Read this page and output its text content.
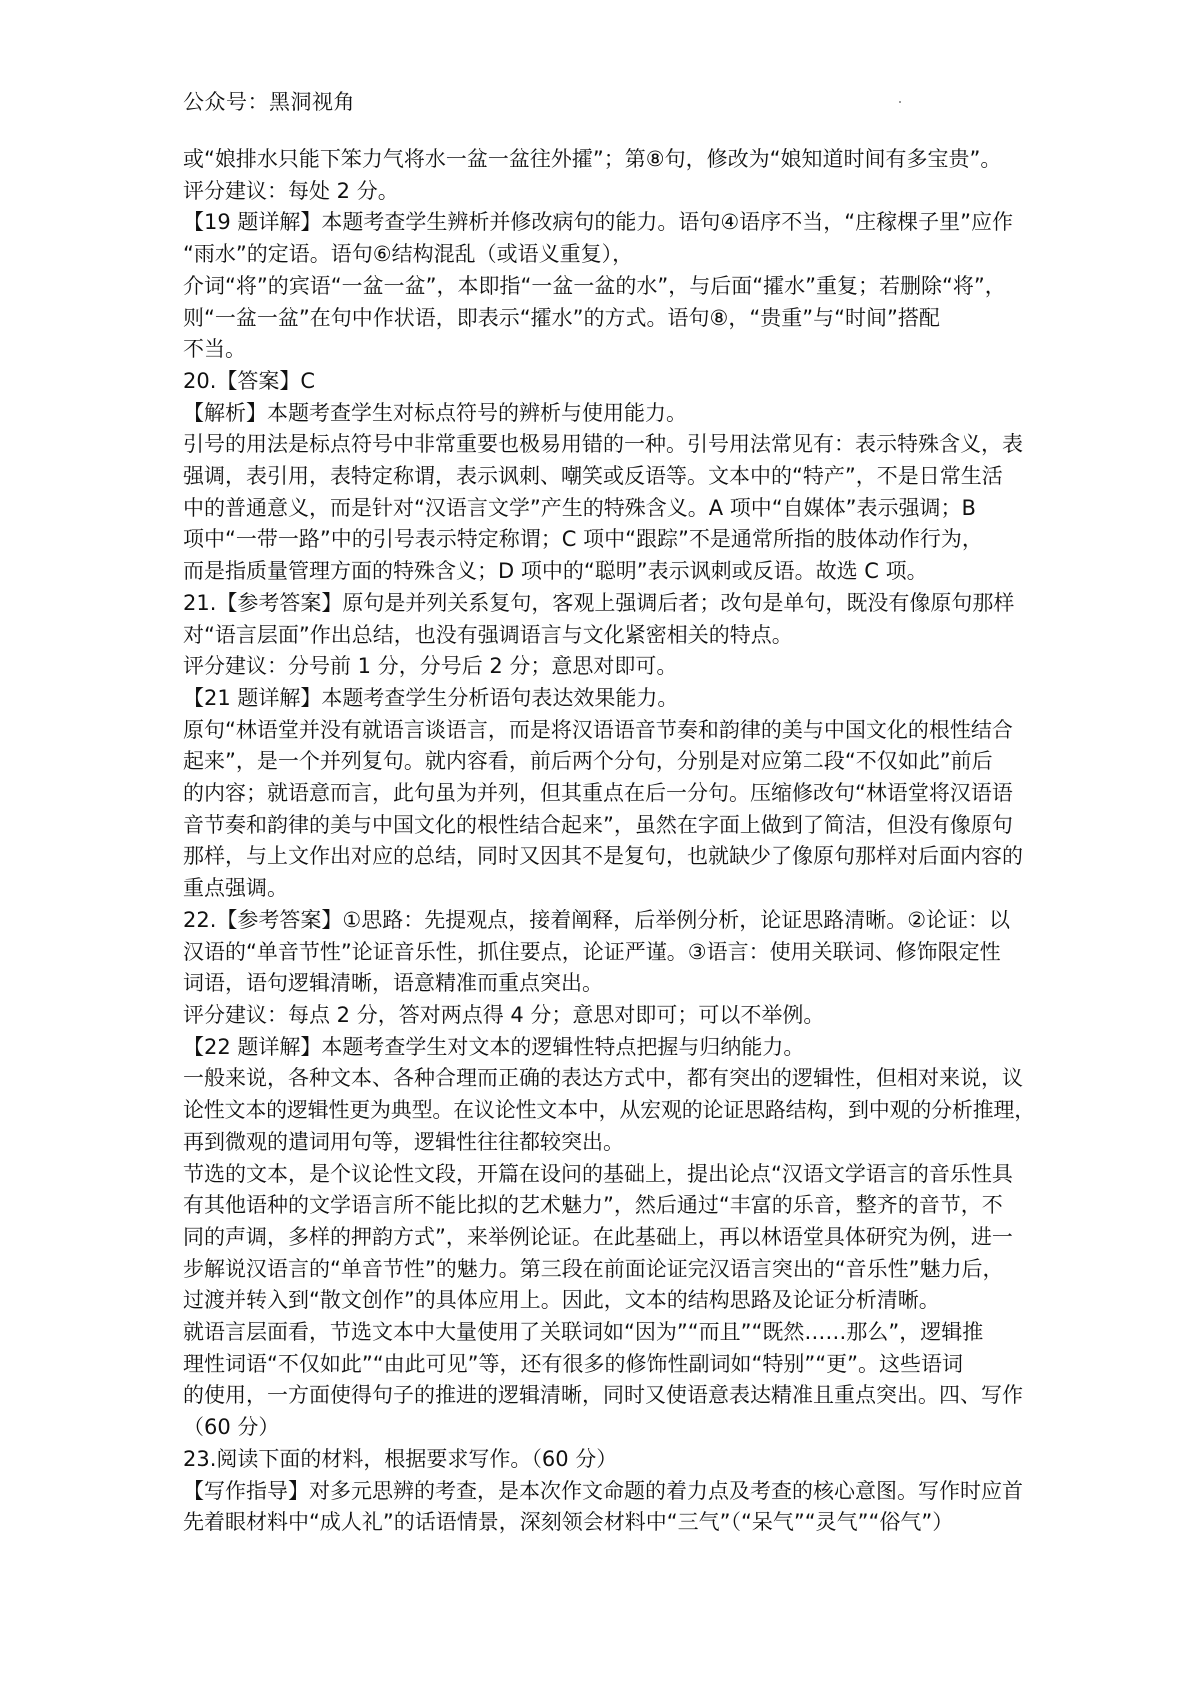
公众号：黑洞视角

或“娘排水只能下笨力气将水一盆一盆往外攉”；第⑧句，修改为“娘知道时间有多宝贵”。

评分建议：每处 2 分。

【19 题详解】本题考查学生辨析并修改病句的能力。语句④语序不当，“庄稼棵子里”应作

“雨水”的定语。语句⑥结构混乱（或语义重复），

介词“将”的宾语“一盆一盆”，本即指“一盆一盆的水”，与后面“攉水”重复；若删除“将”，

则“一盆一盆”在句中作状语，即表示“攉水”的方式。语句⑧，“贵重”与“时间”搭配

不当。

20.【答案】C

【解析】本题考查学生对标点符号的辨析与使用能力。

引号的用法是标点符号中非常重要也极易用错的一种。引号用法常见有：表示特殊含义，表

强调，表引用，表特定称谓，表示讽刺、嘲笑或反语等。文本中的“特产”，不是日常生活

中的普通意义，而是针对“汉语言文学”产生的特殊含义。A 项中“自媒体”表示强调；B

项中“一带一路”中的引号表示特定称谓；C 项中“跟踪”不是通常所指的肢体动作行为，

而是指质量管理方面的特殊含义；D 项中的“聪明”表示讽刺或反语。故选 C 项。

21.【参考答案】原句是并列关系复句，客观上强调后者；改句是单句，既没有像原句那样

对“语言层面”作出总结，也没有强调语言与文化紧密相关的特点。

评分建议：分号前 1 分，分号后 2 分；意思对即可。

【21 题详解】本题考查学生分析语句表达效果能力。

原句“林语堂并没有就语言谈语言，而是将汉语语音节奏和韵律的美与中国文化的根性结合

起来”，是一个并列复句。就内容看，前后两个分句，分别是对应第二段“不仅如此”前后

的内容；就语意而言，此句虽为并列，但其重点在后一分句。压缩修改句“林语堂将汉语语

音节奏和韵律的美与中国文化的根性结合起来”，虽然在字面上做到了简洁，但没有像原句

那样，与上文作出对应的总结，同时又因其不是复句，也就缺少了像原句那样对后面内容的

重点强调。

22.【参考答案】①思路：先提观点，接着阐释，后举例分析，论证思路清晰。②论证：以

汉语的“单音节性”论证音乐性，抓住要点，论证严谨。③语言：使用关联词、修饰限定性

词语，语句逻辑清晰，语意精准而重点突出。

评分建议：每点 2 分，答对两点得 4 分；意思对即可；可以不举例。

【22 题详解】本题考查学生对文本的逻辑性特点把握与归纳能力。

一般来说，各种文本、各种合理而正确的表达方式中，都有突出的逻辑性，但相对来说，议

论性文本的逻辑性更为典型。在议论性文本中，从宏观的论证思路结构，到中观的分析推理，

再到微观的遣词用句等，逻辑性往往都较突出。

节选的文本，是个议论性文段，开篇在设问的基础上，提出论点“汉语文学语言的音乐性具

有其他语种的文学语言所不能比拟的艺术魅力”，然后通过“丰富的乐音，整齐的音节，不

同的声调，多样的押韵方式”，来举例论证。在此基础上，再以林语堂具体研究为例，进一

步解说汉语言的“单音节性”的魅力。第三段在前面论证完汉语言突出的“音乐性”魅力后，

过渡并转入到“散文创作”的具体应用上。因此，文本的结构思路及论证分析清晰。

就语言层面看，节选文本中大量使用了关联词如“因为”“而且”“既然……那么”，逻辑推

理性词语“不仅如此”“由此可见”等，还有很多的修饰性副词如“特别”“更”。这些语词

的使用，一方面使得句子的推进的逻辑清晰，同时又使语意表达精准且重点突出。四、写作

（60 分）

23.阅读下面的材料，根据要求写作。（60 分）

【写作指导】对多元思辨的考查，是本次作文命题的着力点及考查的核心意图。写作时应首

先着眼材料中“成人礼”的话语情景，深刻领会材料中“三气”（“呆气”“灵气”“俗气”）
